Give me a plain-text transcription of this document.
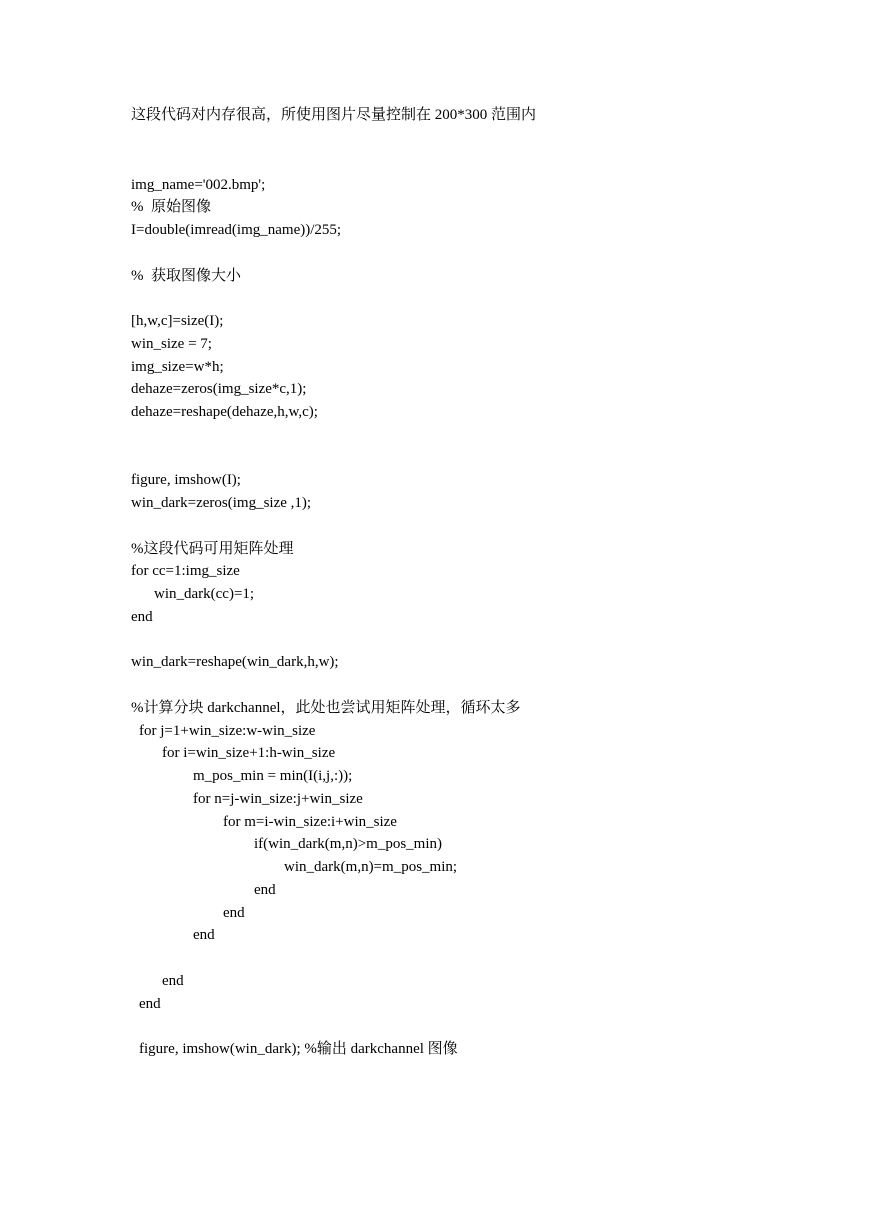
这段代码对内存很高，所使用图片尽量控制在 200*300 范围内

img_name='002.bmp';

%  原始图像

I=double(imread(img_name))/255;

%  获取图像大小

[h,w,c]=size(I);

win_size = 7;

img_size=w*h;

dehaze=zeros(img_size*c,1);

dehaze=reshape(dehaze,h,w,c);

figure, imshow(I);

win_dark=zeros(img_size ,1);

%这段代码可用矩阵处理

for cc=1:img_size

win_dark(cc)=1;

end

win_dark=reshape(win_dark,h,w);

%计算分块 darkchannel，此处也尝试用矩阵处理，循环太多

for j=1+win_size:w-win_size

for i=win_size+1:h-win_size

m_pos_min = min(I(i,j,:));

for n=j-win_size:j+win_size

for m=i-win_size:i+win_size

if(win_dark(m,n)>m_pos_min)

win_dark(m,n)=m_pos_min;

end

end

end

end

end

figure, imshow(win_dark); %输出 darkchannel 图像
